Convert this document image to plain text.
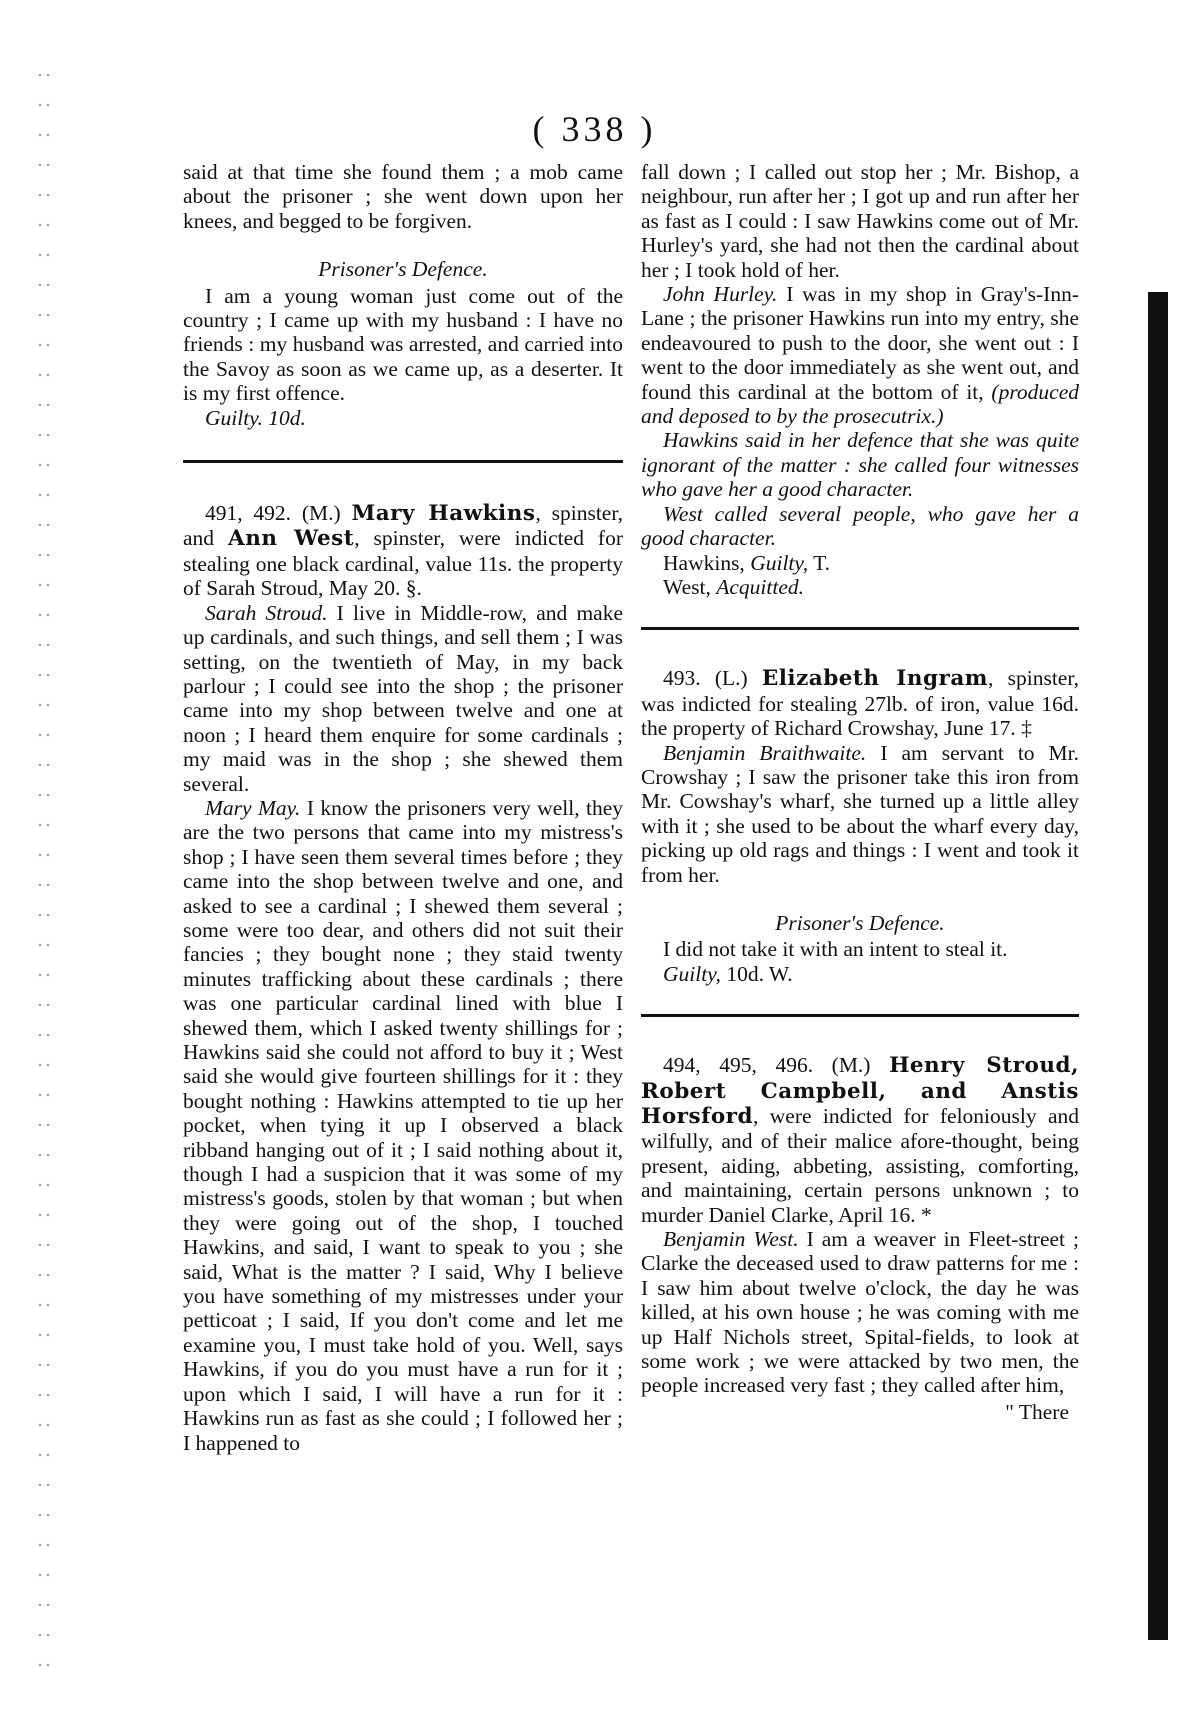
( 338 )

said at that time she found them ; a mob came about the prisoner ; she went down upon her knees, and begged to be forgiven.

Prisoner's Defence.

I am a young woman just come out of the country ; I came up with my husband : I have no friends : my husband was arrested, and carried into the Savoy as soon as we came up, as a deserter. It is my first offence.

Guilty. 10d.

491, 492. (M.) Mary Hawkins, spinster, and Ann West, spinster, were indicted for stealing one black cardinal, value 11s. the property of Sarah Stroud, May 20. §.

Sarah Stroud. I live in Middle-row, and make up cardinals, and such things, and sell them ; I was setting, on the twentieth of May, in my back parlour ; I could see into the shop ; the prisoner came into my shop between twelve and one at noon ; I heard them enquire for some cardinals ; my maid was in the shop ; she shewed them several.

Mary May. I know the prisoners very well, they are the two persons that came into my mistress's shop ; I have seen them several times before ; they came into the shop between twelve and one, and asked to see a cardinal ; I shewed them several ; some were too dear, and others did not suit their fancies ; they bought none ; they staid twenty minutes trafficking about these cardinals ; there was one particular cardinal lined with blue I shewed them, which I asked twenty shillings for ; Hawkins said she could not afford to buy it ; West said she would give fourteen shillings for it : they bought nothing : Hawkins attempted to tie up her pocket, when tying it up I observed a black ribband hanging out of it ; I said nothing about it, though I had a suspicion that it was some of my mistress's goods, stolen by that woman ; but when they were going out of the shop, I touched Hawkins, and said, I want to speak to you ; she said, What is the matter ? I said, Why I believe you have something of my mistresses under your petticoat ; I said, If you don't come and let me examine you, I must take hold of you. Well, says Hawkins, if you do you must have a run for it ; upon which I said, I will have a run for it : Hawkins run as fast as she could ; I followed her ; I happened to

fall down ; I called out stop her ; Mr. Bishop, a neighbour, run after her ; I got up and run after her as fast as I could : I saw Hawkins come out of Mr. Hurley's yard, she had not then the cardinal about her ; I took hold of her.

John Hurley. I was in my shop in Gray's-Inn-Lane ; the prisoner Hawkins run into my entry, she endeavoured to push to the door, she went out : I went to the door immediately as she went out, and found this cardinal at the bottom of it, (produced and deposed to by the prosecutrix.)

Hawkins said in her defence that she was quite ignorant of the matter : she called four witnesses who gave her a good character.

West called several people, who gave her a good character.

Hawkins, Guilty, T.

West, Acquitted.

493. (L.) Elizabeth Ingram, spinster, was indicted for stealing 27lb. of iron, value 16d. the property of Richard Crowshay, June 17. ‡

Benjamin Braithwaite. I am servant to Mr. Crowshay ; I saw the prisoner take this iron from Mr. Cowshay's wharf, she turned up a little alley with it ; she used to be about the wharf every day, picking up old rags and things : I went and took it from her.

Prisoner's Defence.

I did not take it with an intent to steal it.

Guilty, 10d. W.

494, 495, 496. (M.) Henry Stroud, Robert Campbell, and Anstis Horsford, were indicted for feloniously and wilfully, and of their malice afore-thought, being present, aiding, abbeting, assisting, comforting, and maintaining, certain persons unknown ; to murder Daniel Clarke, April 16. *

Benjamin West. I am a weaver in Fleet-street ; Clarke the deceased used to draw patterns for me : I saw him about twelve o'clock, the day he was killed, at his own house ; he was coming with me up Half Nichols street, Spital-fields, to look at some work ; we were attacked by two men, the people increased very fast ; they called after him,

" There
